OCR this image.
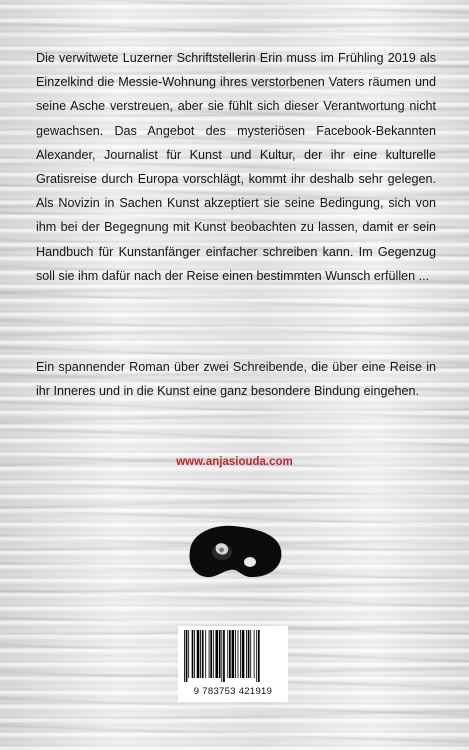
Die verwitwete Luzerner Schriftstellerin Erin muss im Frühling 2019 als Einzelkind die Messie-Wohnung ihres verstorbenen Vaters räumen und seine Asche verstreuen, aber sie fühlt sich dieser Verantwortung nicht gewachsen. Das Angebot des mysteriösen Facebook-Bekannten Alexander, Journalist für Kunst und Kultur, der ihr eine kulturelle Gratisreise durch Europa vorschlägt, kommt ihr deshalb sehr gelegen. Als Novizin in Sachen Kunst akzeptiert sie seine Bedingung, sich von ihm bei der Begegnung mit Kunst beobachten zu lassen, damit er sein Handbuch für Kunstanfänger einfacher schreiben kann. Im Gegenzug soll sie ihm dafür nach der Reise einen bestimmten Wunsch erfüllen ...

Ein spannender Roman über zwei Schreibende, die über eine Reise in ihr Inneres und in die Kunst eine ganz besondere Bindung eingehen.

www.anjasiouda.com

9 783753 421919
